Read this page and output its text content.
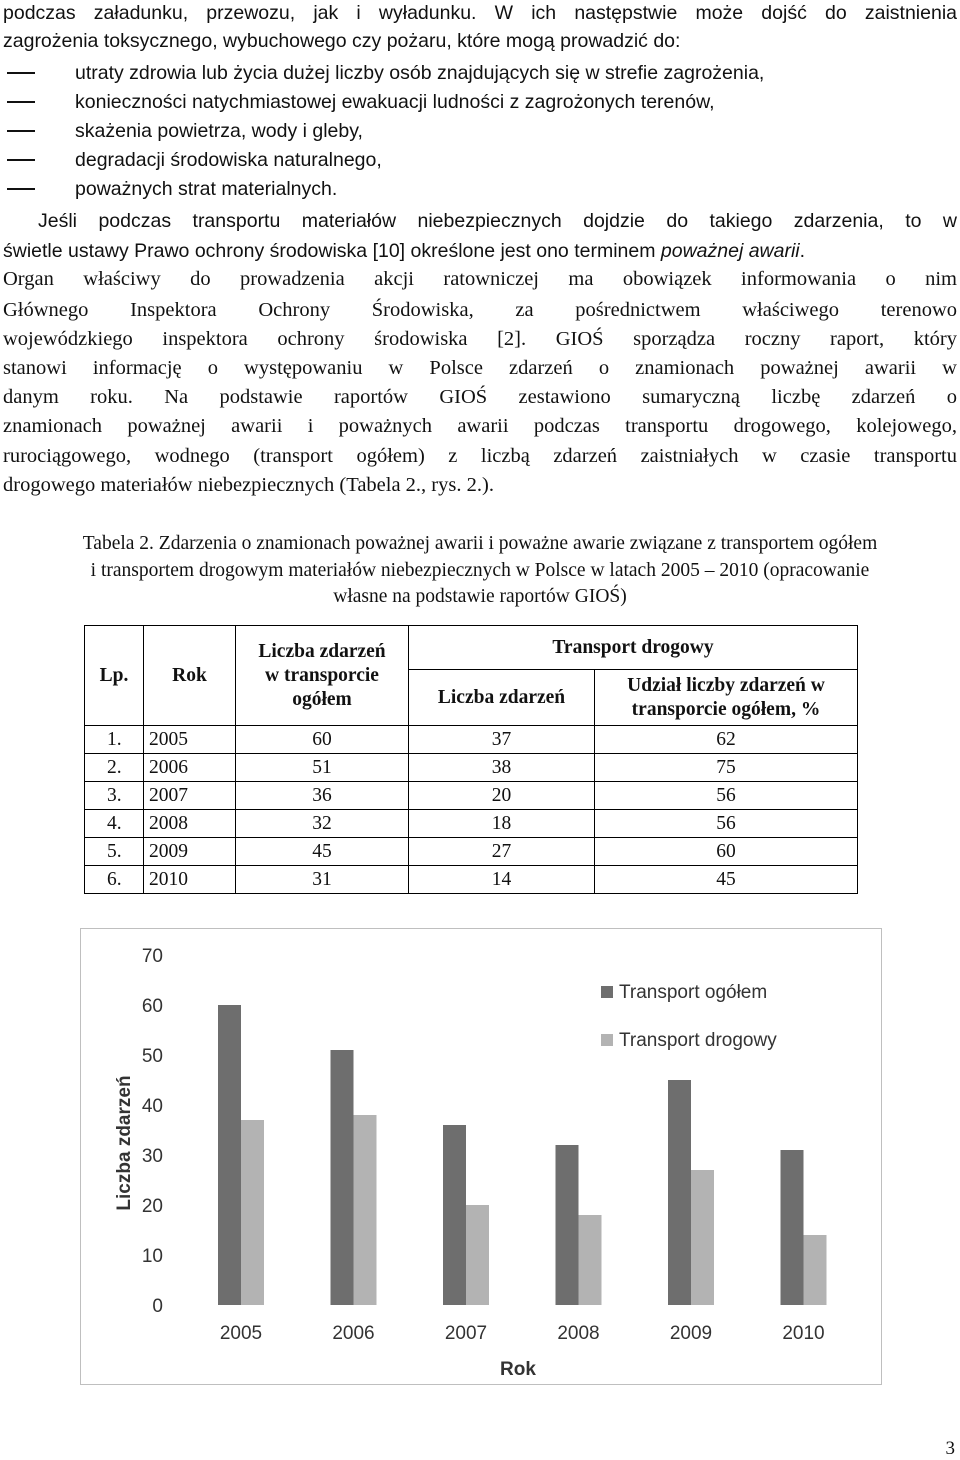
podczas załadunku, przewozu, jak i wyładunku. W ich następstwie może dojść do zaistnienia
zagrożenia toksycznego, wybuchowego czy pożaru, które mogą prowadzić do:
utraty zdrowia lub życia dużej liczby osób znajdujących się w strefie zagrożenia,
konieczności natychmiastowej ewakuacji ludności z zagrożonych terenów,
skażenia powietrza, wody i gleby,
degradacji środowiska naturalnego,
poważnych strat materialnych.
Jeśli podczas transportu materiałów niebezpiecznych dojdzie do takiego zdarzenia, to w
świetle ustawy Prawo ochrony środowiska [10] określone jest ono terminem poważnej awarii.
Organ właściwy do prowadzenia akcji ratowniczej ma obowiązek informowania o nim
Głównego Inspektora Ochrony Środowiska, za pośrednictwem właściwego terenowo
wojewódzkiego inspektora ochrony środowiska [2]. GIOŚ sporządza roczny raport, który
stanowi informację o występowaniu w Polsce zdarzeń o znamionach poważnej awarii w
danym roku. Na podstawie raportów GIOŚ zestawiono sumaryczną liczbę zdarzeń o
znamionach poważnej awarii i poważnych awarii podczas transportu drogowego, kolejowego,
rurociągowego, wodnego (transport ogółem) z liczbą zdarzeń zaistniałych w czasie transportu
drogowego materiałów niebezpiecznych (Tabela 2., rys. 2.).
Tabela 2. Zdarzenia o znamionach poważnej awarii i poważne awarie związane z transportem ogółem
i transportem drogowym materiałów niebezpiecznych w Polsce w latach 2005 – 2010 (opracowanie
własne na podstawie raportów GIOŚ)
Lp.	Rok	Liczba zdarzeń
w transporcie
ogółem	Transport drogowy	
			Liczba zdarzeń	Udział liczby zdarzeń w
transporcie ogółem, %

1.	2005	60	37	62
2.	2006	51	38	75
3.	2007	36	20	56
4.	2008	32	18	56
5.	2009	45	27	60
6.	2010	31	14	45
0
10
20
30
40
50
60
70
2005	2006	2007	2008	2009	2010
Rok
Liczba zdarzeń
Transport ogółem
Transport drogowy
3
